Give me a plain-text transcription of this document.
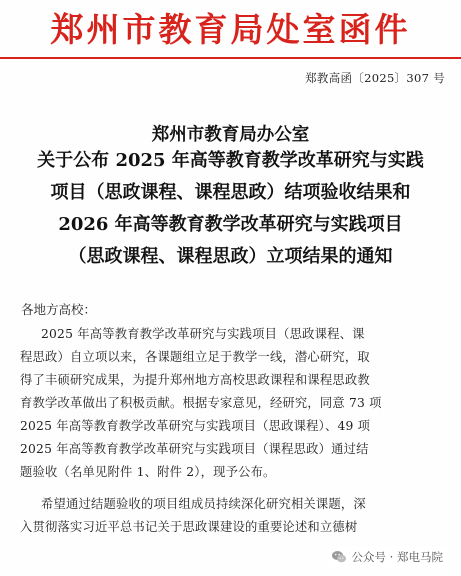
郑州市教育局处室函件
郑教高函〔2025〕307 号
郑州市教育局办公室
关于公布 2025 年高等教育教学改革研究与实践
项目（思政课程、课程思政）结项验收结果和
2026 年高等教育教学改革研究与实践项目
（思政课程、课程思政）立项结果的通知
各地方高校：
2025 年高等教育教学改革研究与实践项目（思政课程、课
程思政）自立项以来，各课题组立足于教学一线，潜心研究，取
得了丰硕研究成果，为提升郑州地方高校思政课程和课程思政教
育教学改革做出了积极贡献。根据专家意见，经研究，同意 73 项
2025 年高等教育教学改革研究与实践项目（思政课程）、49 项
2025 年高等教育教学改革研究与实践项目（课程思政）通过结
题验收（名单见附件 1、附件 2），现予公布。
希望通过结题验收的项目组成员持续深化研究相关课题，深
入贯彻落实习近平总书记关于思政课建设的重要论述和立德树
公众号 · 郑电马院
